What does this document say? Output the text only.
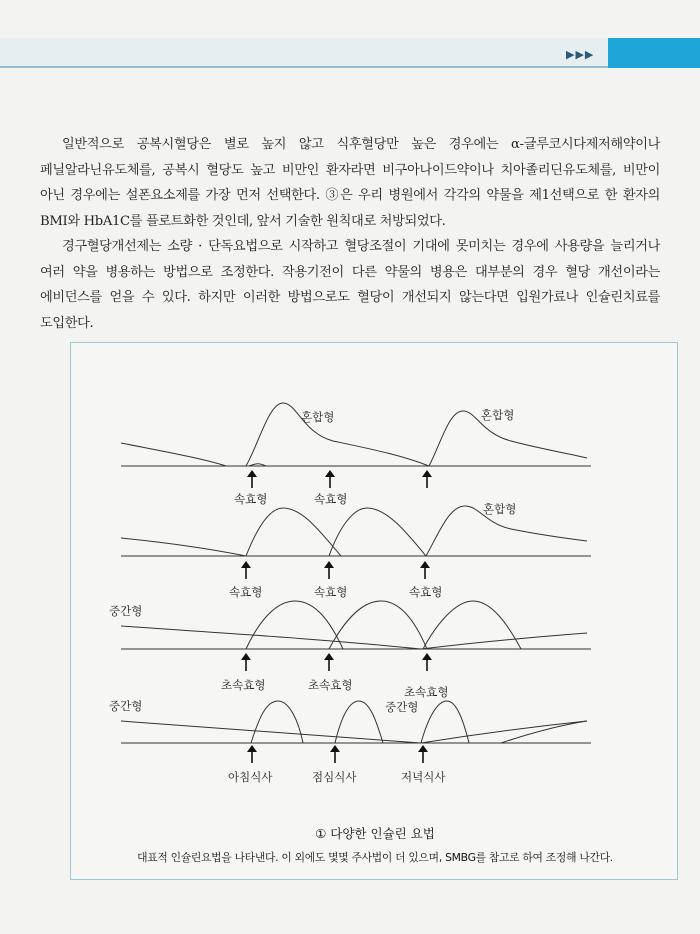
▶▶▶

일반적으로 공복시혈당은 별로 높지 않고 식후혈당만 높은 경우에는 α-글루코시다제저해약이나 페닐알라닌유도체를, 공복시 혈당도 높고 비만인 환자라면 비구아나이드약이나 치아졸리딘유도체를, 비만이 아닌 경우에는 설폰요소제를 가장 먼저 선택한다. ③은 우리 병원에서 각각의 약물을 제1선택으로 한 환자의 BMI와 HbA1C를 플로트화한 것인데, 앞서 기술한 원칙대로 처방되었다.

경구혈당개선제는 소량 · 단독요법으로 시작하고 혈당조절이 기대에 못미치는 경우에 사용량을 늘리거나 여러 약을 병용하는 방법으로 조정한다. 작용기전이 다른 약물의 병용은 대부분의 경우 혈당 개선이라는 에비던스를 얻을 수 있다. 하지만 이러한 방법으로도 혈당이 개선되지 않는다면 입원가료나 인슐린치료를 도입한다.

혼합형	혼합형
속효형	속효형
혼합형
속효형	속효형	속효형
중간형
초속효형	초속효형	초속효형
중간형	중간형
아침식사	점심식사	저녁식사
① 다양한 인슐린 요법
대표적 인슐린요법을 나타낸다. 이 외에도 몇몇 주사법이 더 있으며, SMBG를 참고로 하여 조정해 나간다.
